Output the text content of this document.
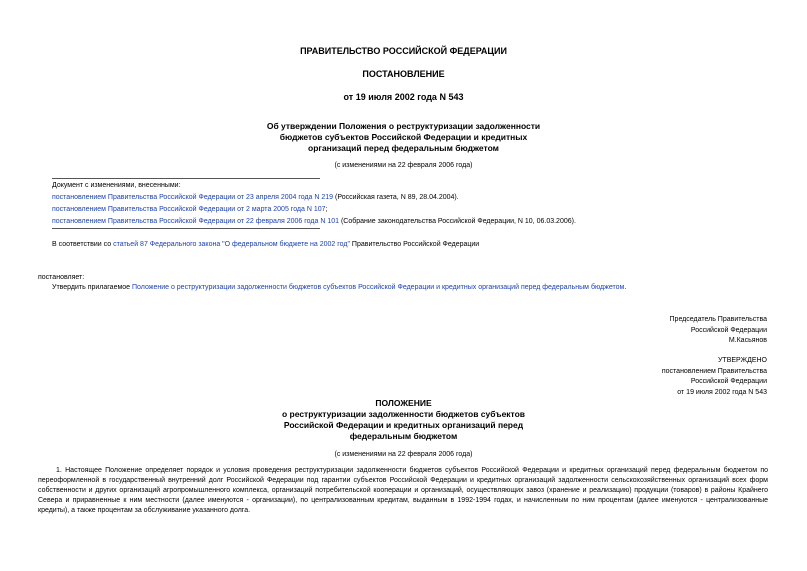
ПРАВИТЕЛЬСТВО РОССИЙСКОЙ ФЕДЕРАЦИИ
ПОСТАНОВЛЕНИЕ
от 19 июля 2002 года N 543
Об утверждении Положения о реструктуризации задолженности
бюджетов субъектов Российской Федерации и кредитных
организаций перед федеральным бюджетом
(с изменениями на 22 февраля 2006 года)
Документ с изменениями, внесенными:
постановлением Правительства Российской Федерации от 23 апреля 2004 года N 219 (Российская газета, N 89, 28.04.2004).
постановлением Правительства Российской Федерации от 2 марта 2005 года N 107;
постановлением Правительства Российской Федерации от 22 февраля 2006 года N 101 (Собрание законодательства Российской Федерации, N 10, 06.03.2006).
В соответствии со статьей 87 Федерального закона "О федеральном бюджете на 2002 год" Правительство Российской Федерации
постановляет:
Утвердить прилагаемое Положение о реструктуризации задолженности бюджетов субъектов Российской Федерации и кредитных организаций перед федеральным бюджетом.
Председатель Правительства
Российской Федерации
М.Касьянов
УТВЕРЖДЕНО
постановлением Правительства
Российской Федерации
от 19 июля 2002 года N 543
ПОЛОЖЕНИЕ
о реструктуризации задолженности бюджетов субъектов
Российской Федерации и кредитных организаций перед
федеральным бюджетом
(с изменениями на 22 февраля 2006 года)
1. Настоящее Положение определяет порядок и условия проведения реструктуризации задолженности бюджетов субъектов Российской Федерации и кредитных организаций перед федеральным бюджетом по переоформленной в государственный внутренний долг Российской Федерации под гарантии субъектов Российской Федерации и кредитных организаций задолженности сельскохозяйственных организаций всех форм собственности и других организаций агропромышленного комплекса, организаций потребительской кооперации и организаций, осуществляющих завоз (хранение и реализацию) продукции (товаров) в районы Крайнего Севера и приравненные к ним местности (далее именуются - организации), по централизованным кредитам, выданным в 1992-1994 годах, и начисленным по ним процентам (далее именуются - централизованные кредиты), а также процентам за обслуживание указанного долга.
